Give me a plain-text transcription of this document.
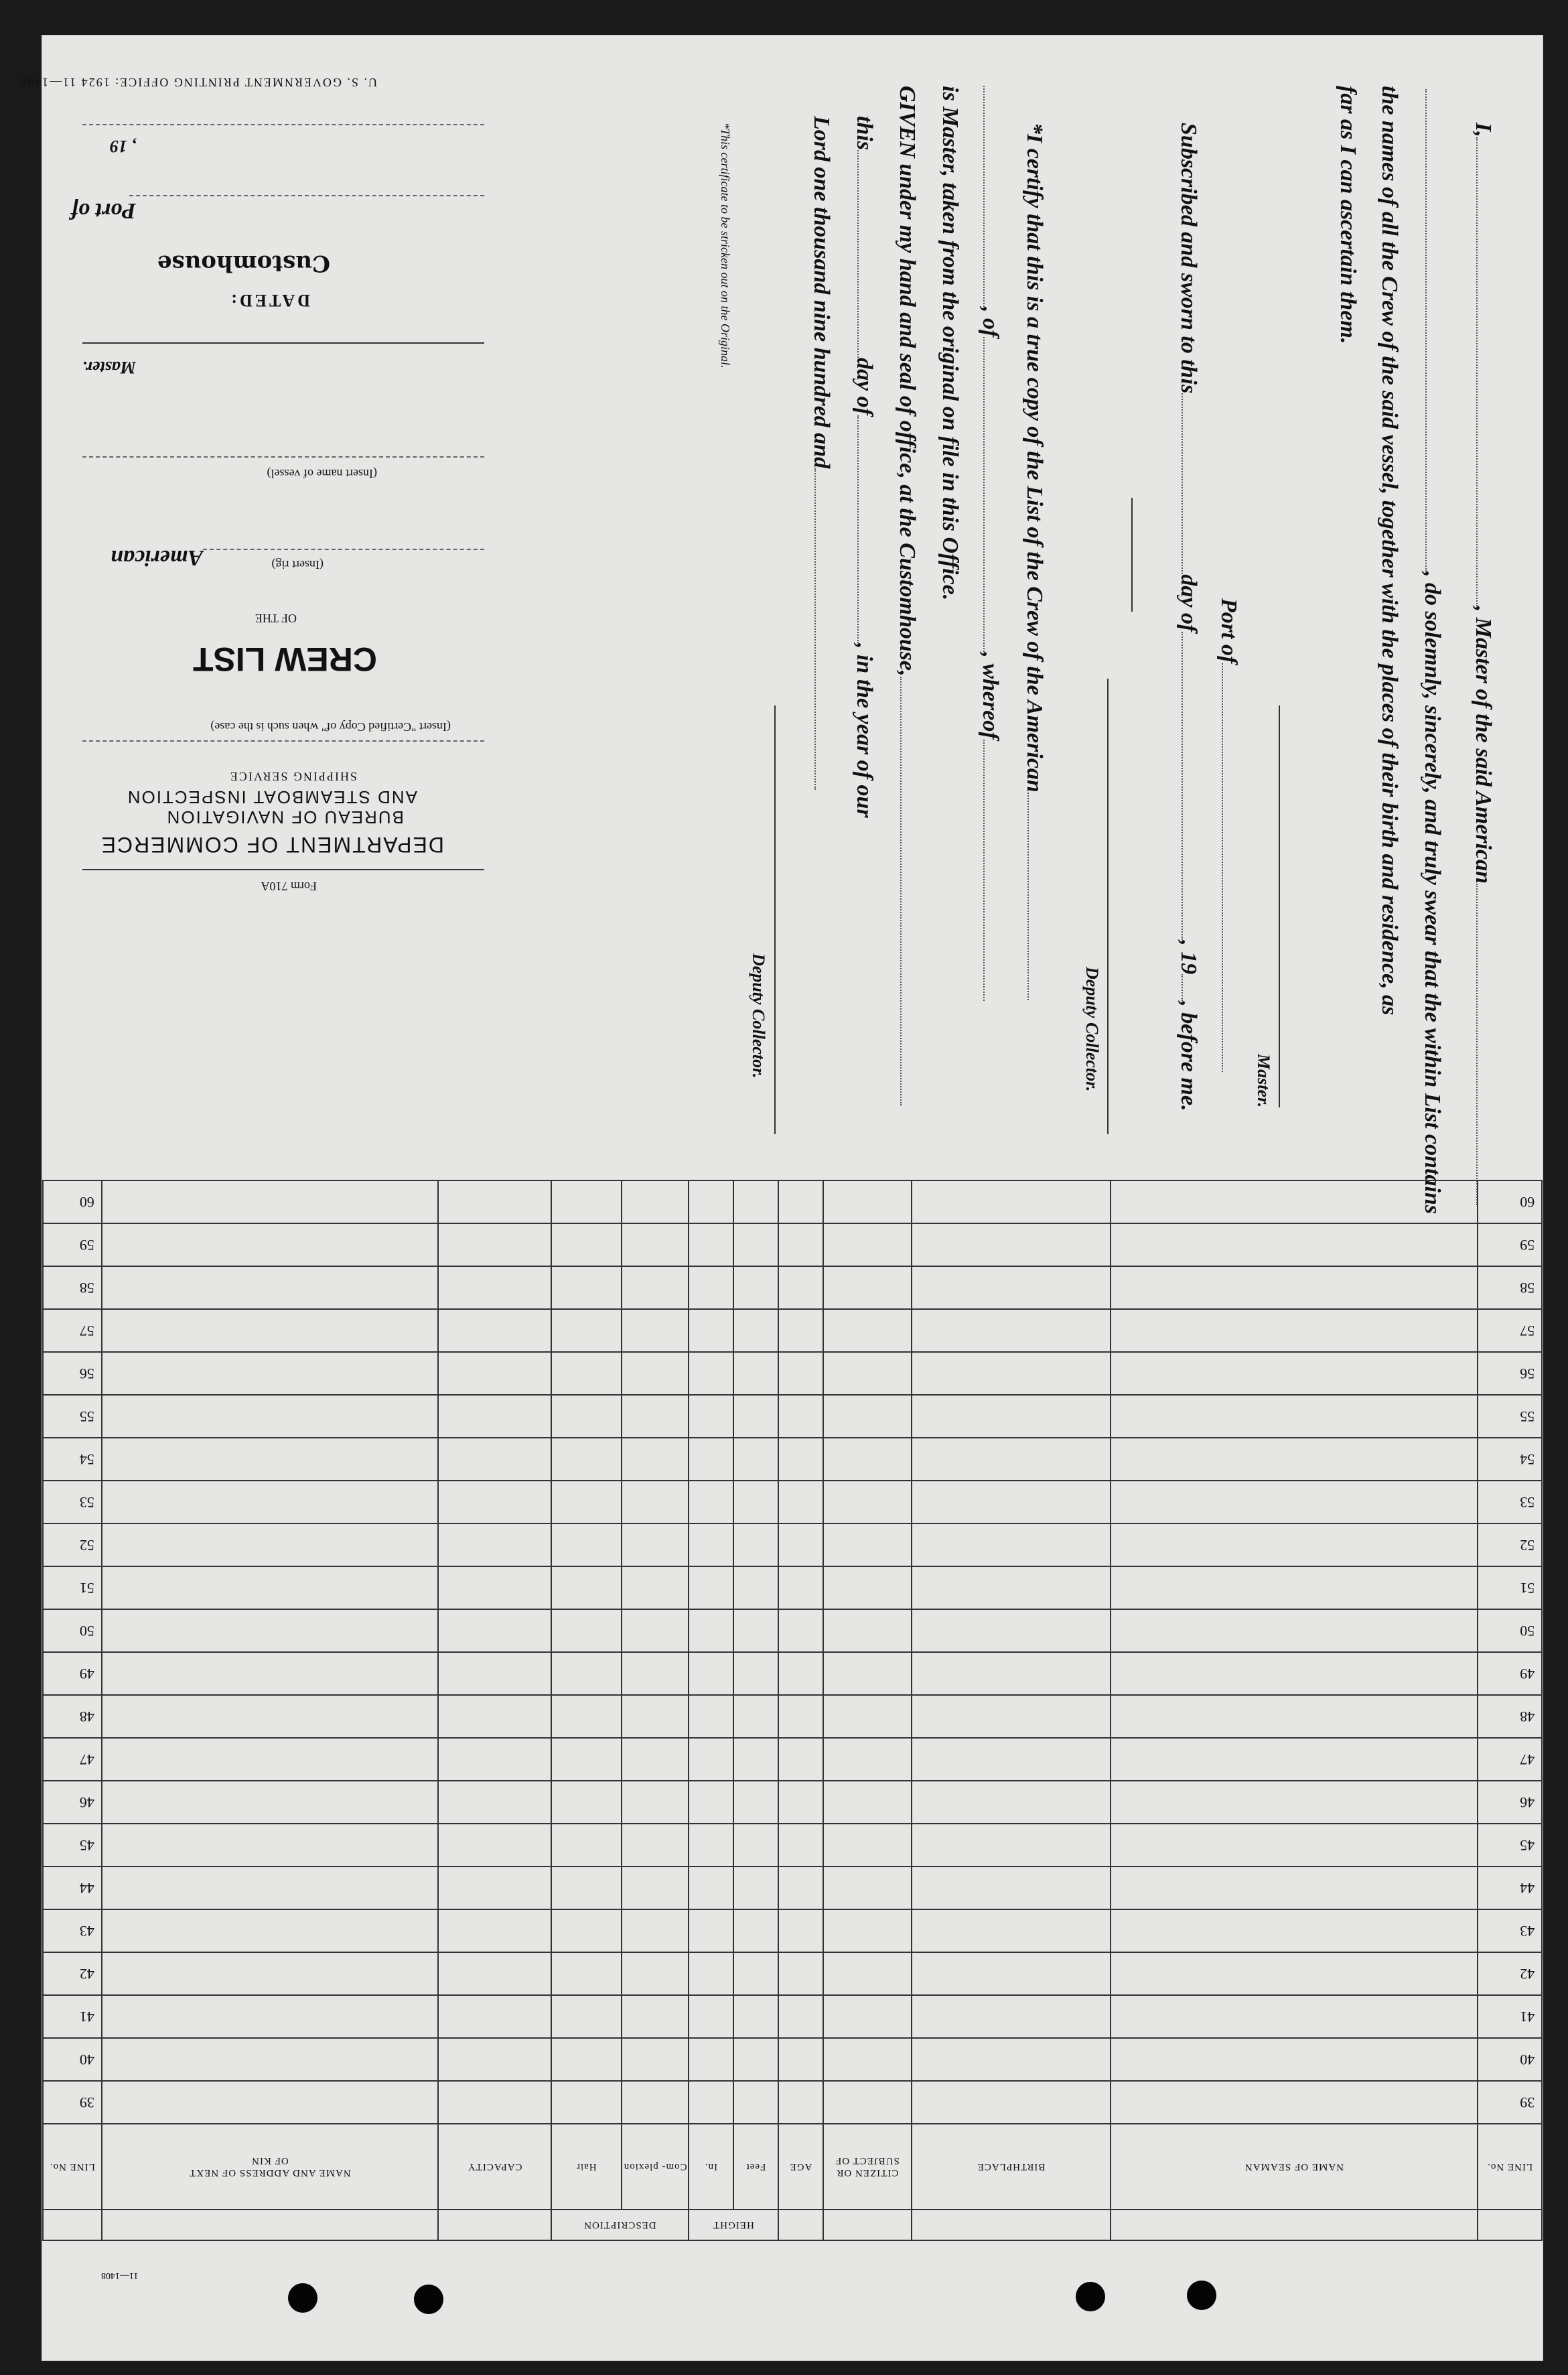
I,, Master of the said American
, do solemnly, sincerely, and truly swear that the within List contains
the names of all the Crew of the said vessel, together with the places of their birth and residence, as
far as I can ascertain them.
Master.
Port of
Subscribed and sworn to thisday of, 19, before me.
Deputy Collector.
*I certify that this is a true copy of the List of the Crew of the American
, of, whereof
is Master, taken from the original on file in this Office.
GIVEN under my hand and seal of office, at the Customhouse,
thisday of, in the year of our
Lord one thousand nine hundred and
Deputy Collector.
*This certificate to be stricken out on the Original.
U. S. GOVERNMENT PRINTING OFFICE: 1924 11—1408
, 19
Port of
Customhouse
DATED:
Master.
(Insert name of vessel)
(Insert rig)
American
OF THE
CREW LIST
(Insert "Certified Copy of" when such is the case)
SHIPPING SERVICE
AND STEAMBOAT INSPECTION
BUREAU OF NAVIGATION
DEPARTMENT OF COMMERCE
Form 710A
60											60

59											59

58											58

57											57

56											56

55											55

54											54

53											53

52											52

51											51

50											50

49											49

48											48

47											47

46											46

45											45

44											44

43											43

42											42

41											41

40											40

39											39

LINE No.	NAME AND ADDRESS OF NEXT OF KIN	CAPACITY	Hair	Com- plexion	In.	Feet	AGE	CITIZEN OR SUBJECT OF	BIRTHPLACE	NAME OF SEAMAN	LINE No.

			DESCRIPTION		HEIGHT						

11—1408
